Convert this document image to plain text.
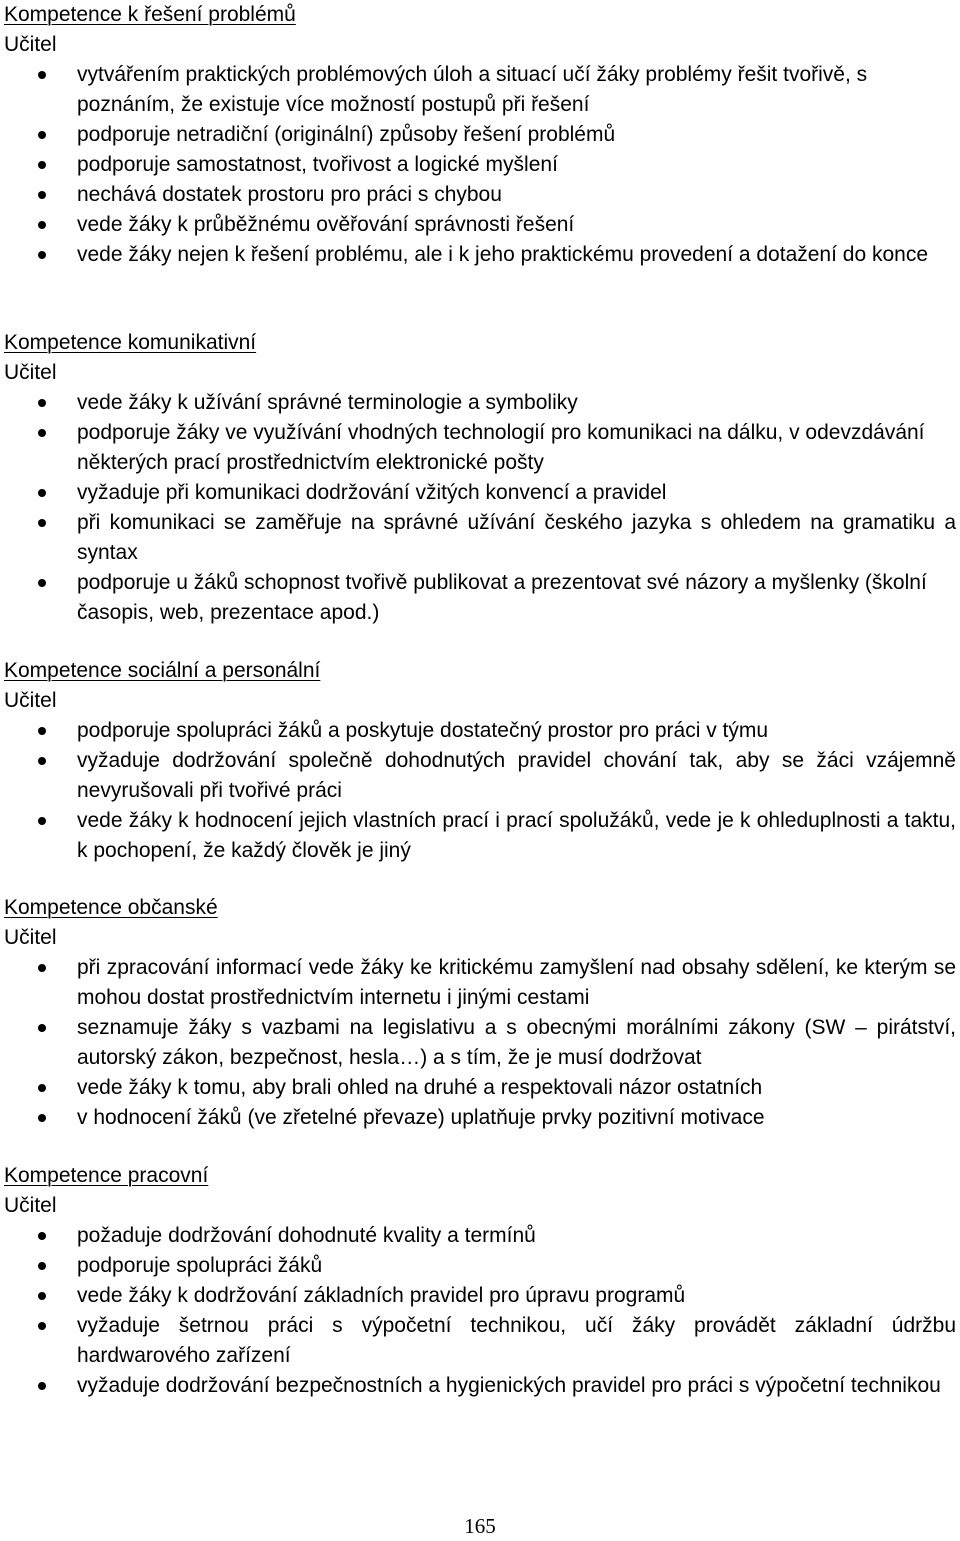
Kompetence k řešení problémů
Učitel
vytvářením praktických problémových úloh a situací učí žáky problémy řešit tvořivě, s poznáním, že existuje více možností postupů při řešení
podporuje netradiční (originální) způsoby řešení problémů
podporuje samostatnost, tvořivost a logické myšlení
nechává dostatek prostoru pro práci s chybou
vede žáky k průběžnému ověřování správnosti řešení
vede žáky nejen k řešení problému, ale i k jeho praktickému provedení a dotažení do konce
Kompetence komunikativní
Učitel
vede žáky k užívání správné terminologie a symboliky
podporuje žáky ve využívání vhodných technologií pro komunikaci na dálku, v odevzdávání některých prací prostřednictvím elektronické pošty
vyžaduje při komunikaci dodržování vžitých konvencí a pravidel
při komunikaci se zaměřuje na správné užívání českého jazyka s ohledem na gramatiku a syntax
podporuje u žáků schopnost tvořivě publikovat a prezentovat své názory a myšlenky (školní časopis, web, prezentace apod.)
Kompetence sociální a personální
Učitel
podporuje spolupráci žáků a poskytuje dostatečný prostor pro práci v týmu
vyžaduje dodržování společně dohodnutých pravidel chování tak, aby se žáci vzájemně nevyrušovali při tvořivé práci
vede žáky k hodnocení jejich vlastních prací i prací spolužáků, vede je k ohleduplnosti a taktu, k pochopení, že každý člověk je jiný
Kompetence občanské
Učitel
při zpracování informací vede žáky ke kritickému zamyšlení nad obsahy sdělení, ke kterým se mohou dostat prostřednictvím internetu i jinými cestami
seznamuje žáky s vazbami na legislativu a s obecnými morálními zákony (SW – pirátství, autorský zákon, bezpečnost, hesla…) a s tím, že je musí dodržovat
vede žáky k tomu, aby brali ohled na druhé a respektovali názor ostatních
v hodnocení žáků (ve zřetelné převaze) uplatňuje prvky pozitivní motivace
Kompetence pracovní
Učitel
požaduje dodržování dohodnuté kvality a termínů
podporuje spolupráci žáků
vede žáky k dodržování základních pravidel pro úpravu programů
vyžaduje šetrnou práci s výpočetní technikou, učí žáky provádět základní údržbu hardwarového zařízení
vyžaduje dodržování bezpečnostních a hygienických pravidel pro práci s výpočetní technikou
165
